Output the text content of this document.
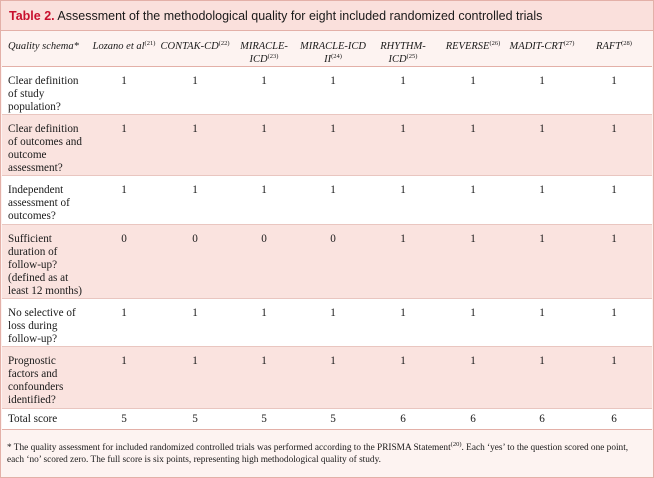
Table 2. Assessment of the methodological quality for eight included randomized controlled trials
Quality schema*	Lozano et $al^{(21)}$	CONTAK-CD$^{(22)}$	MIRACLE-ICD$^{(23)}$	MIRACLE-ICD II$^{(24)}$	RHYTHM-ICD$^{(25)}$	REVERSE$^{(26)}$	MADIT-CRT$^{(27)}$	RAFT$^{(28)}$
Clear definition of study population?	1	1	1	1	1	1	1	1
Clear definition of outcomes and outcome assessment?	1	1	1	1	1	1	1	1
Independent assessment of outcomes?	1	1	1	1	1	1	1	1
Sufficient duration of follow-up? (defined as at least 12 months)	0	0	0	0	1	1	1	1
No selective of loss during follow-up?	1	1	1	1	1	1	1	1
Prognostic factors and confounders identified?	1	1	1	1	1	1	1	1
Total score	5	5	5	5	6	6	6	6
* The quality assessment for included randomized controlled trials was performed according to the PRISMA Statement$^{(20)}$. Each ‘yes’ to the question scored one point, each ‘no’ scored zero. The full score is six points, representing high methodological quality of study.
